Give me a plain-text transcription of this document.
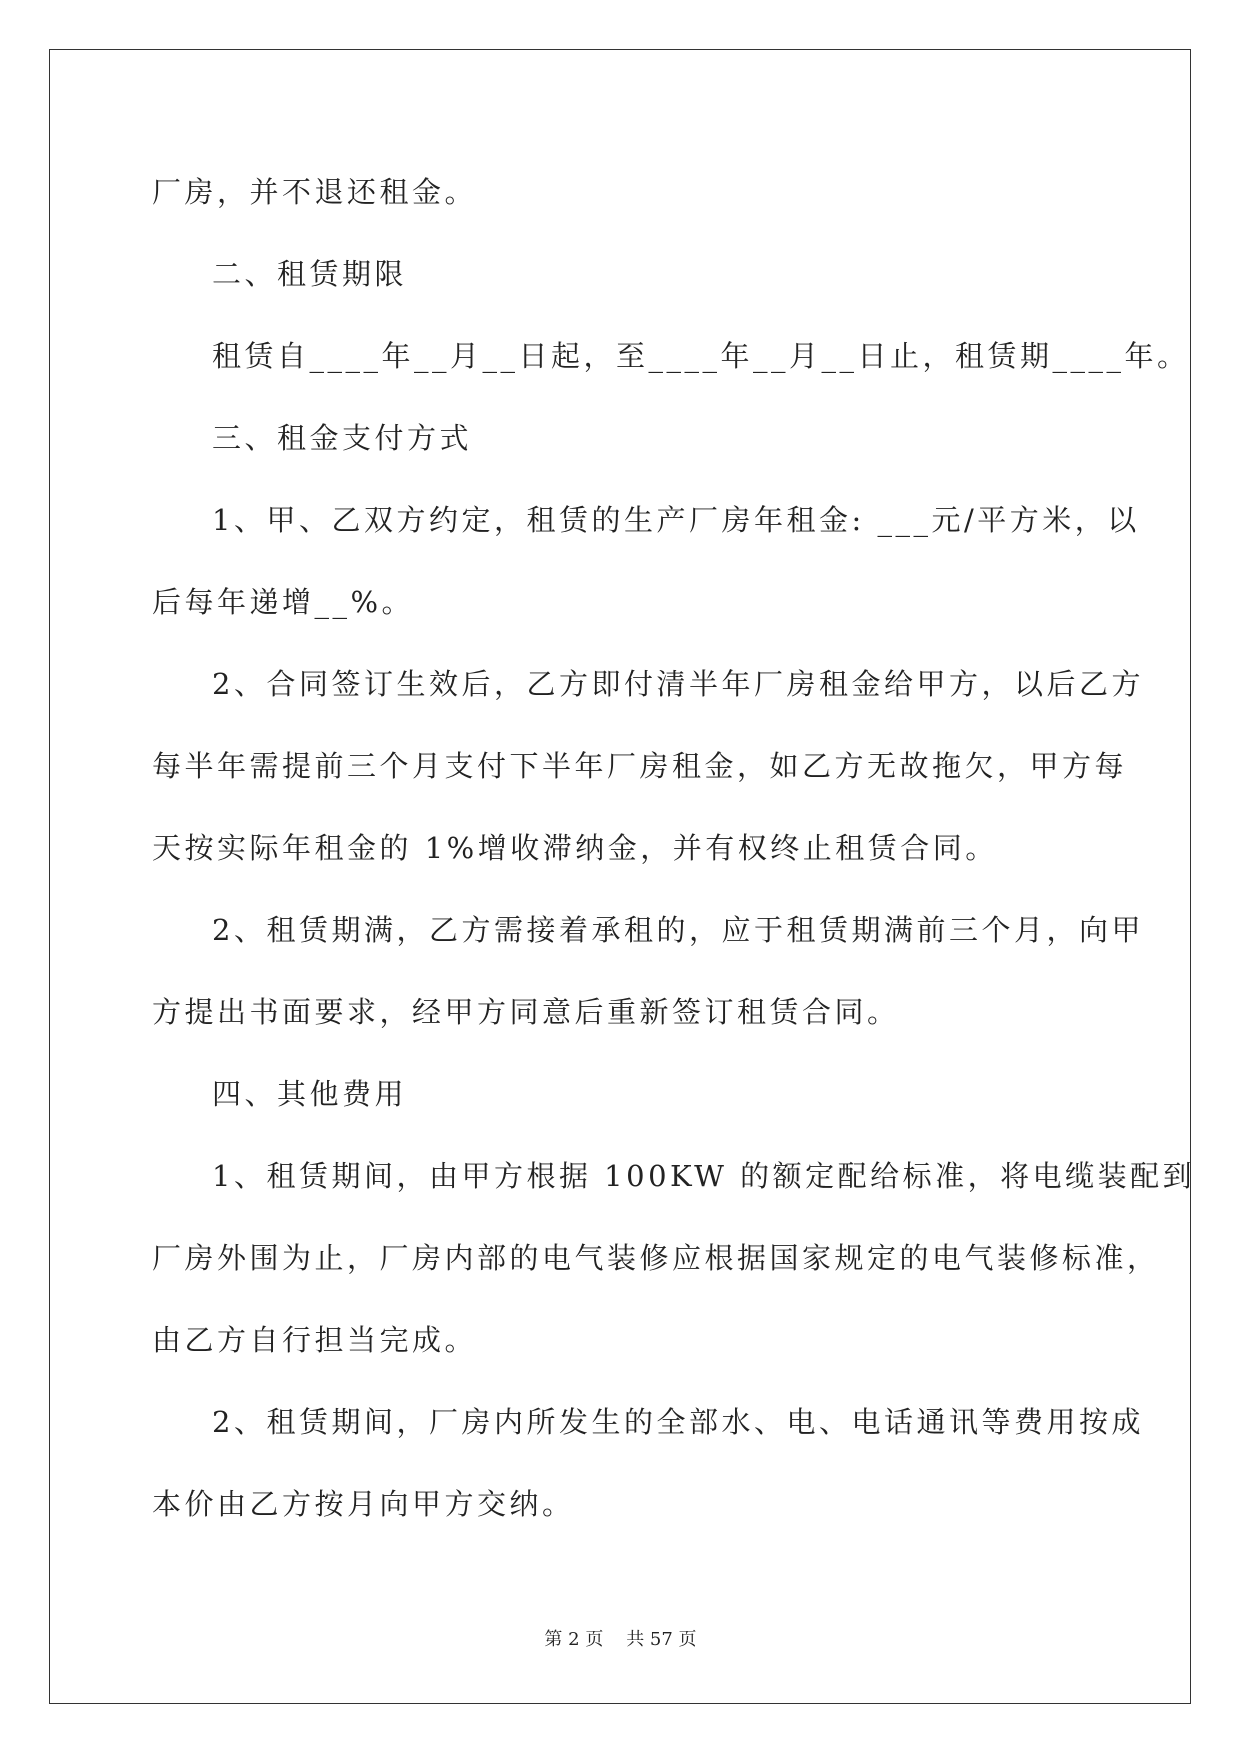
厂房，并不退还租金。
二、租赁期限
租赁自____年__月__日起，至____年__月__日止，租赁期____年。
三、租金支付方式
1、甲、乙双方约定，租赁的生产厂房年租金: ___元/平方米，以
后每年递增__%。
2、合同签订生效后，乙方即付清半年厂房租金给甲方，以后乙方
每半年需提前三个月支付下半年厂房租金，如乙方无故拖欠，甲方每
天按实际年租金的 1%增收滞纳金，并有权终止租赁合同。
2、租赁期满，乙方需接着承租的，应于租赁期满前三个月，向甲
方提出书面要求，经甲方同意后重新签订租赁合同。
四、其他费用
1、租赁期间，由甲方根据 100KW 的额定配给标准，将电缆装配到
厂房外围为止，厂房内部的电气装修应根据国家规定的电气装修标准，
由乙方自行担当完成。
2、租赁期间，厂房内所发生的全部水、电、电话通讯等费用按成
本价由乙方按月向甲方交纳。
第 2 页    共 57 页
